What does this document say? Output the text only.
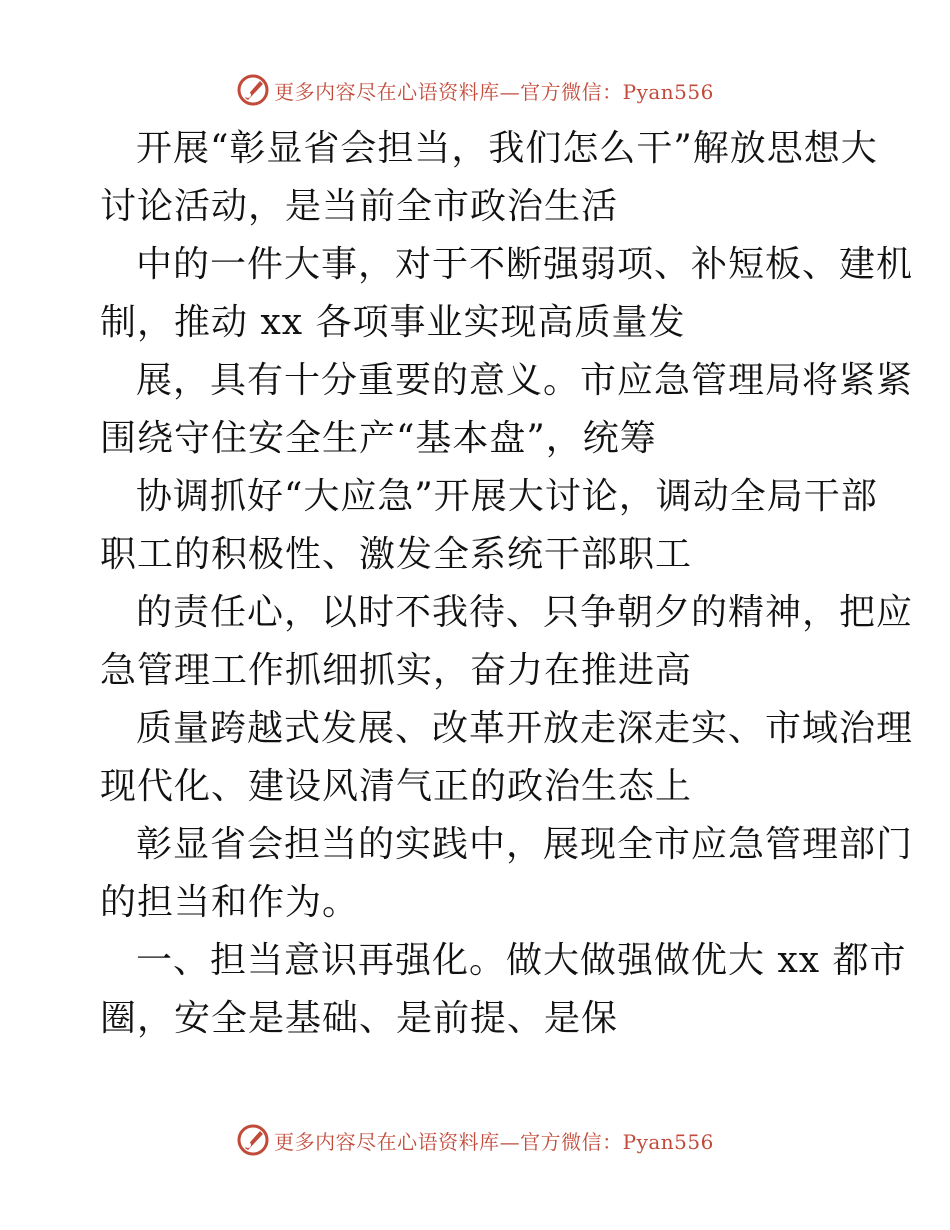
更多内容尽在心语资料库—官方微信：Pyan556
开展“彰显省会担当，我们怎么干”解放思想大
讨论活动，是当前全市政治生活
中的一件大事，对于不断强弱项、补短板、建机
制，推动 xx 各项事业实现高质量发
展，具有十分重要的意义。市应急管理局将紧紧
围绕守住安全生产“基本盘”，统筹
协调抓好“大应急”开展大讨论，调动全局干部
职工的积极性、激发全系统干部职工
的责任心，以时不我待、只争朝夕的精神，把应
急管理工作抓细抓实，奋力在推进高
质量跨越式发展、改革开放走深走实、市域治理
现代化、建设风清气正的政治生态上
彰显省会担当的实践中，展现全市应急管理部门
的担当和作为。
一、担当意识再强化。做大做强做优大 xx 都市
圈，安全是基础、是前提、是保
更多内容尽在心语资料库—官方微信：Pyan556
